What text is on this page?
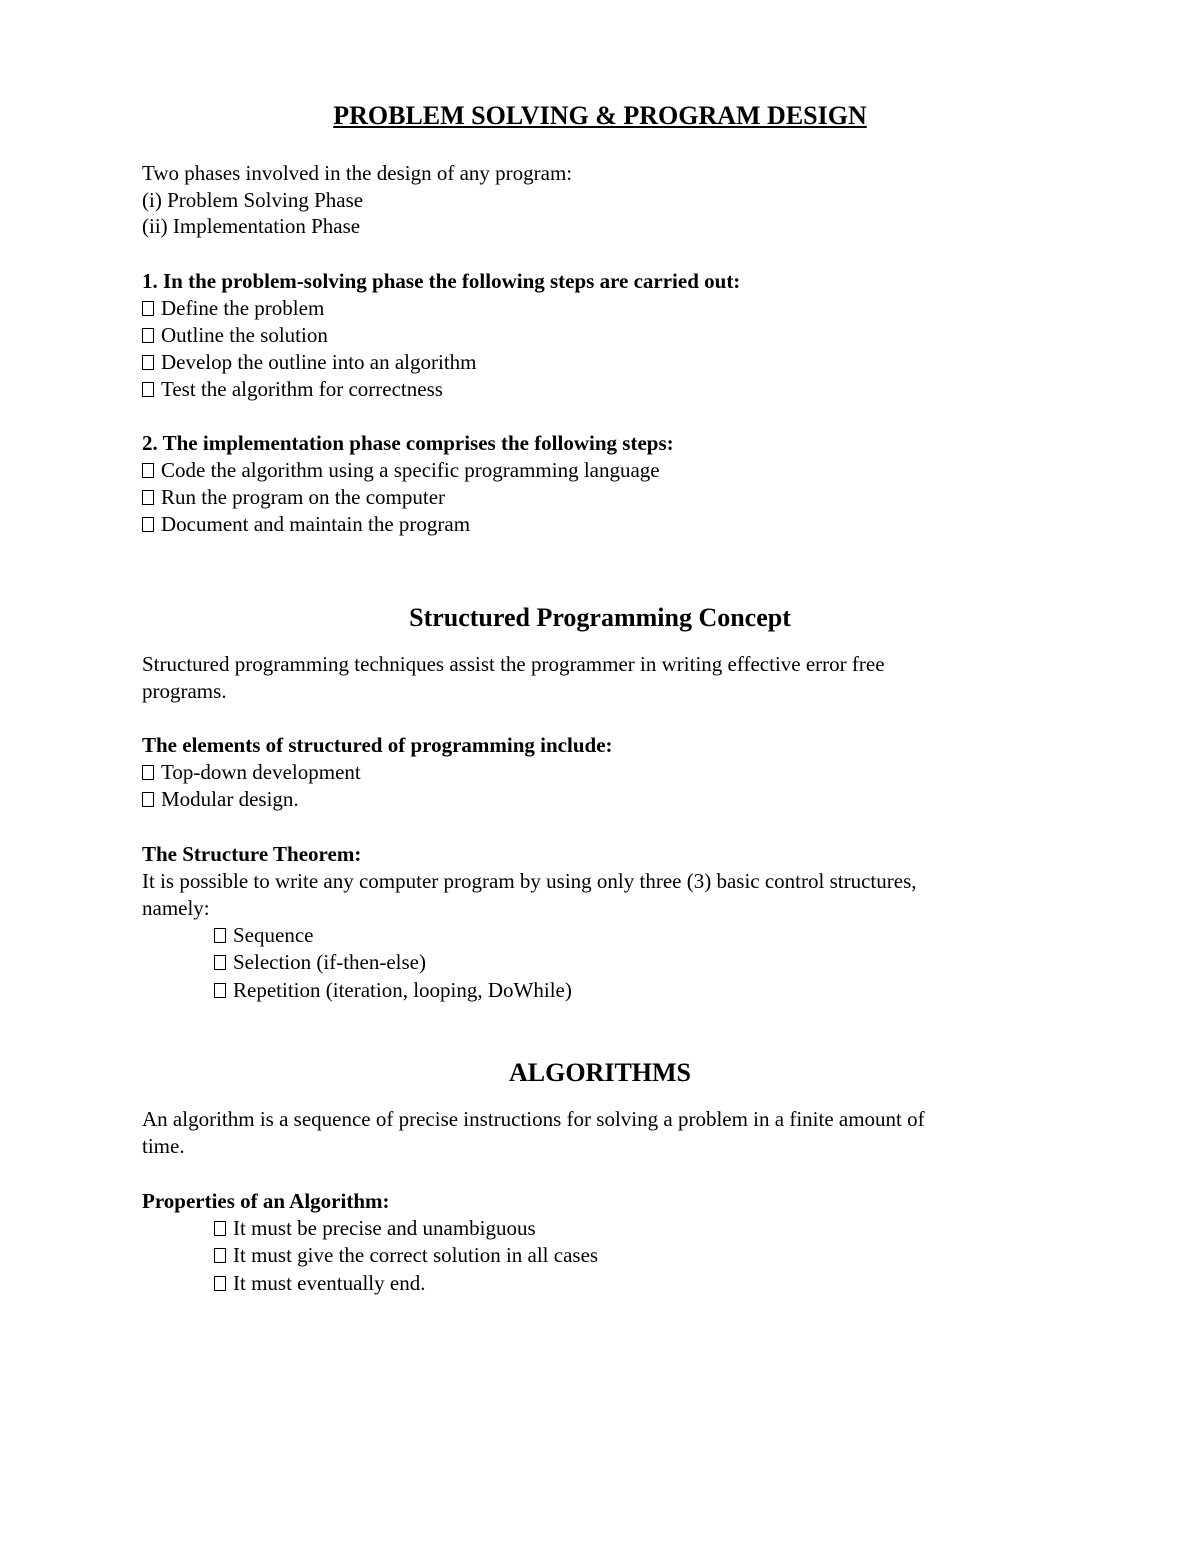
PROBLEM SOLVING & PROGRAM DESIGN
Two phases involved in the design of any program:
(i) Problem Solving Phase
(ii) Implementation Phase
1. In the problem-solving phase the following steps are carried out:
Define the problem
Outline the solution
Develop the outline into an algorithm
Test the algorithm for correctness
2. The implementation phase comprises the following steps:
Code the algorithm using a specific programming language
Run the program on the computer
Document and maintain the program
Structured Programming Concept
Structured programming techniques assist the programmer in writing effective error free
programs.
The elements of structured of programming include:
Top-down development
Modular design.
The Structure Theorem:
It is possible to write any computer program by using only three (3) basic control structures,
namely:
Sequence
Selection (if-then-else)
Repetition (iteration, looping, DoWhile)
ALGORITHMS
An algorithm is a sequence of precise instructions for solving a problem in a finite amount of
time.
Properties of an Algorithm:
It must be precise and unambiguous
It must give the correct solution in all cases
It must eventually end.
